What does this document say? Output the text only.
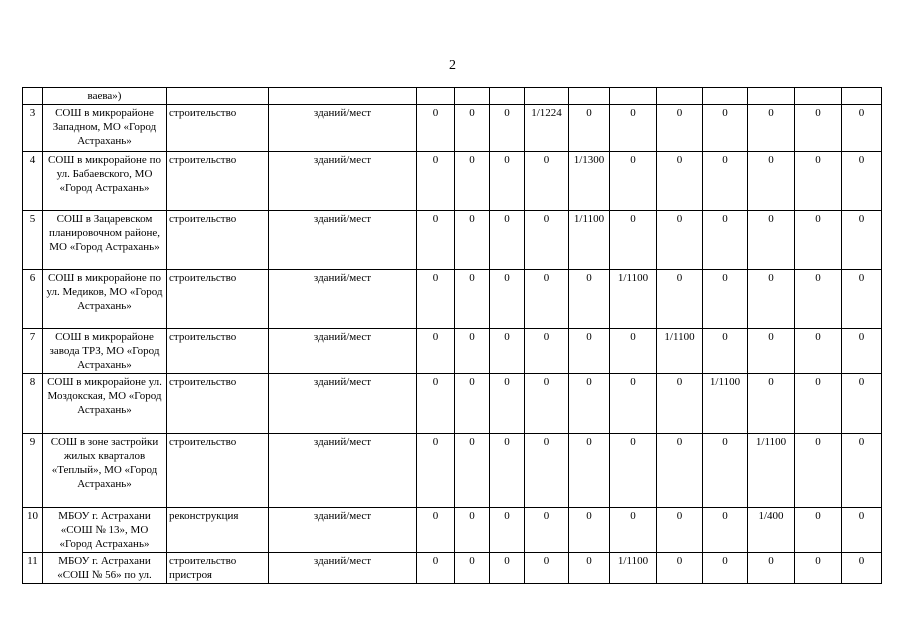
2
	ваева»)													
3	СОШ в микрорайоне Западном, МО «Город Астрахань»	строительство	зданий/мест	0	0	0	1/1224	0	0	0	0	0	0	0
4	СОШ в микрорайоне по ул. Бабаевского, МО «Город Астрахань»	строительство	зданий/мест	0	0	0	0	1/1300	0	0	0	0	0	0
5	СОШ в Зацаревском планировочном районе, МО «Город Астрахань»	строительство	зданий/мест	0	0	0	0	1/1100	0	0	0	0	0	0
6	СОШ в микрорайоне по ул. Медиков, МО «Город Астрахань»	строительство	зданий/мест	0	0	0	0	0	1/1100	0	0	0	0	0
7	СОШ в микрорайоне завода ТРЗ, МО «Город Астрахань»	строительство	зданий/мест	0	0	0	0	0	0	1/1100	0	0	0	0
8	СОШ в микрорайоне ул. Моздокская, МО «Город Астрахань»	строительство	зданий/мест	0	0	0	0	0	0	0	1/1100	0	0	0
9	СОШ в зоне застройки жилых кварталов «Теплый», МО «Город Астрахань»	строительство	зданий/мест	0	0	0	0	0	0	0	0	1/1100	0	0
10	МБОУ г. Астрахани «СОШ № 13», МО «Город Астрахань»	реконструкция	зданий/мест	0	0	0	0	0	0	0	0	1/400	0	0
11	МБОУ г. Астрахани «СОШ № 56» по ул.	строительство пристроя	зданий/мест	0	0	0	0	0	1/1100	0	0	0	0	0
